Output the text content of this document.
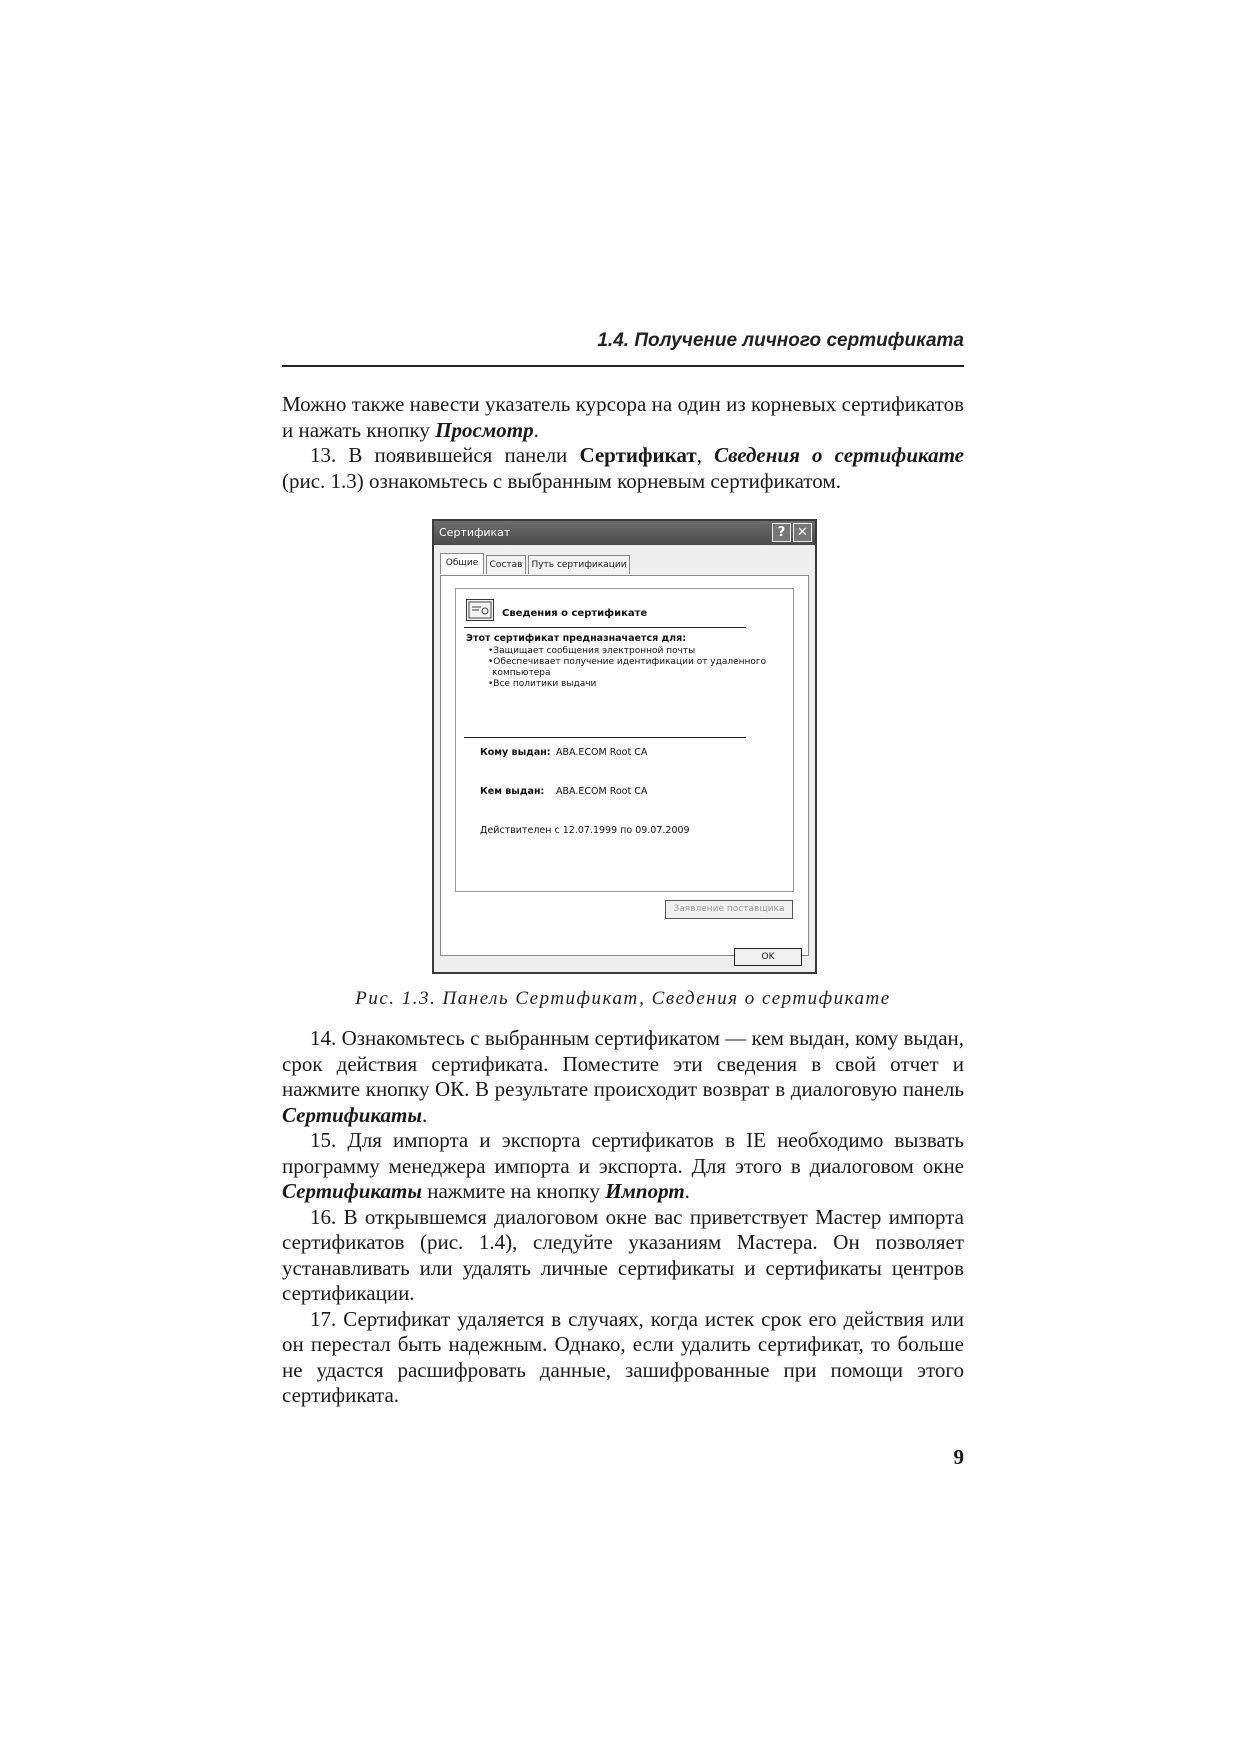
1.4. Получение личного сертификата

Можно также навести указатель курсора на один из корневых сертификатов и нажать кнопку Просмотр.

13. В появившейся панели Сертификат, Сведения о сертификате (рис. 1.3) ознакомьтесь с выбранным корневым сертификатом.

Сертификат	? ✕
Общие	Состав	Путь сертификации
Сведения о сертификате
Этот сертификат предназначается для:
•Защищает сообщения электронной почты
•Обеспечивает получение идентификации от удаленного
компьютера
•Все политики выдачи
Кому выдан: ABA.ECOM Root CA
Кем выдан: ABA.ECOM Root CA
Действителен с 12.07.1999 по 09.07.2009
Заявление поставщика
OK
Рис. 1.3. Панель Сертификат, Сведения о сертификате

14. Ознакомьтесь с выбранным сертификатом — кем выдан, кому выдан, срок действия сертификата. Поместите эти сведения в свой отчет и нажмите кнопку ОК. В результате происходит возврат в диалоговую панель Сертификаты.

15. Для импорта и экспорта сертификатов в IE необходимо вызвать программу менеджера импорта и экспорта. Для этого в диалоговом окне Сертификаты нажмите на кнопку Импорт.

16. В открывшемся диалоговом окне вас приветствует Мастер импорта сертификатов (рис. 1.4), следуйте указаниям Мастера. Он позволяет устанавливать или удалять личные сертификаты и сертификаты центров сертификации.

17. Сертификат удаляется в случаях, когда истек срок его действия или он перестал быть надежным. Однако, если удалить сертификат, то больше не удастся расшифровать данные, зашифрованные при помощи этого сертификата.

9
